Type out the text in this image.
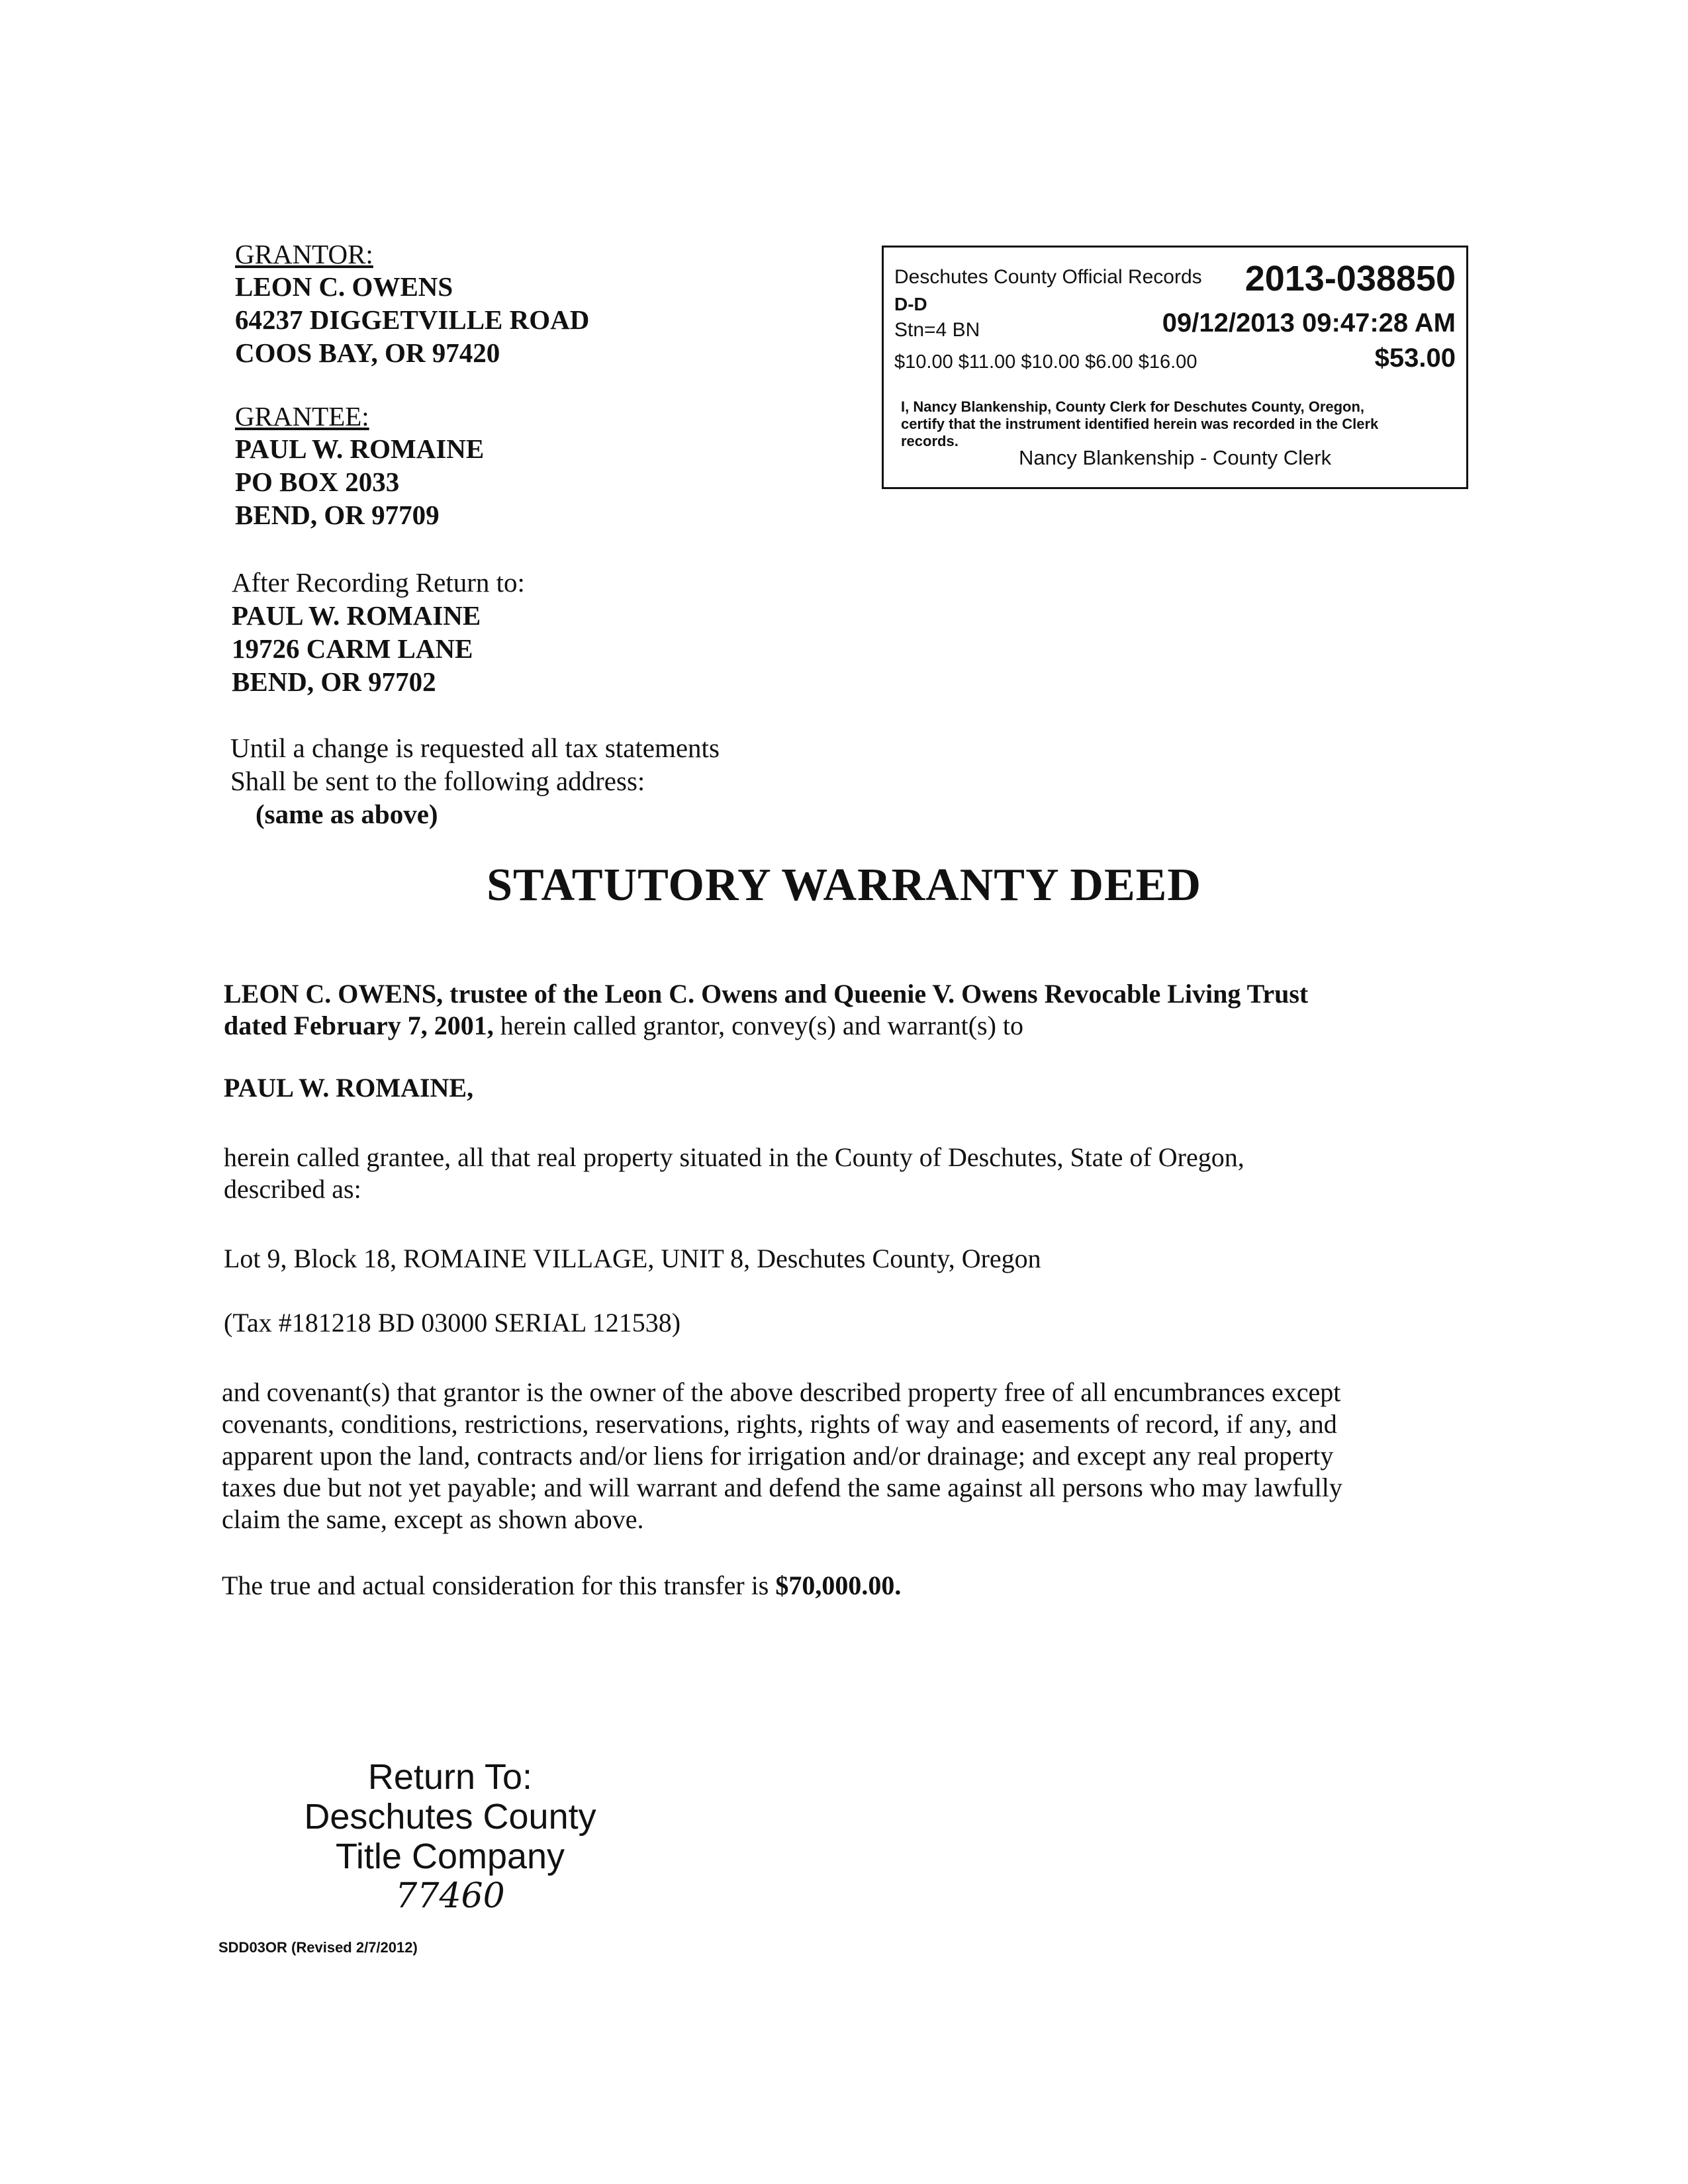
GRANTOR:
LEON C. OWENS
64237 DIGGETVILLE ROAD
COOS BAY, OR 97420
GRANTEE:
PAUL W. ROMAINE
PO BOX 2033
BEND, OR 97709
After Recording Return to:
PAUL W. ROMAINE
19726 CARM LANE
BEND, OR 97702
Until a change is requested all tax statements
Shall be sent to the following address:
(same as above)
Deschutes County Official Records 2013-038850
D-D
Stn=4 BN	09/12/2013 09:47:28 AM
$10.00 $11.00 $10.00 $6.00 $16.00	$53.00
I, Nancy Blankenship, County Clerk for Deschutes County, Oregon,
certify that the instrument identified herein was recorded in the Clerk
records.
Nancy Blankenship - County Clerk
STATUTORY WARRANTY DEED
LEON C. OWENS, trustee of the Leon C. Owens and Queenie V. Owens Revocable Living Trust
dated February 7, 2001, herein called grantor, convey(s) and warrant(s) to
PAUL W. ROMAINE,
herein called grantee, all that real property situated in the County of Deschutes, State of Oregon,
described as:
Lot 9, Block 18, ROMAINE VILLAGE, UNIT 8, Deschutes County, Oregon
(Tax #181218 BD 03000 SERIAL 121538)
and covenant(s) that grantor is the owner of the above described property free of all encumbrances except
covenants, conditions, restrictions, reservations, rights, rights of way and easements of record, if any, and
apparent upon the land, contracts and/or liens for irrigation and/or drainage; and except any real property
taxes due but not yet payable; and will warrant and defend the same against all persons who may lawfully
claim the same, except as shown above.
The true and actual consideration for this transfer is $70,000.00.
Return To:
Deschutes County
Title Company
77460
SDD03OR (Revised 2/7/2012)
